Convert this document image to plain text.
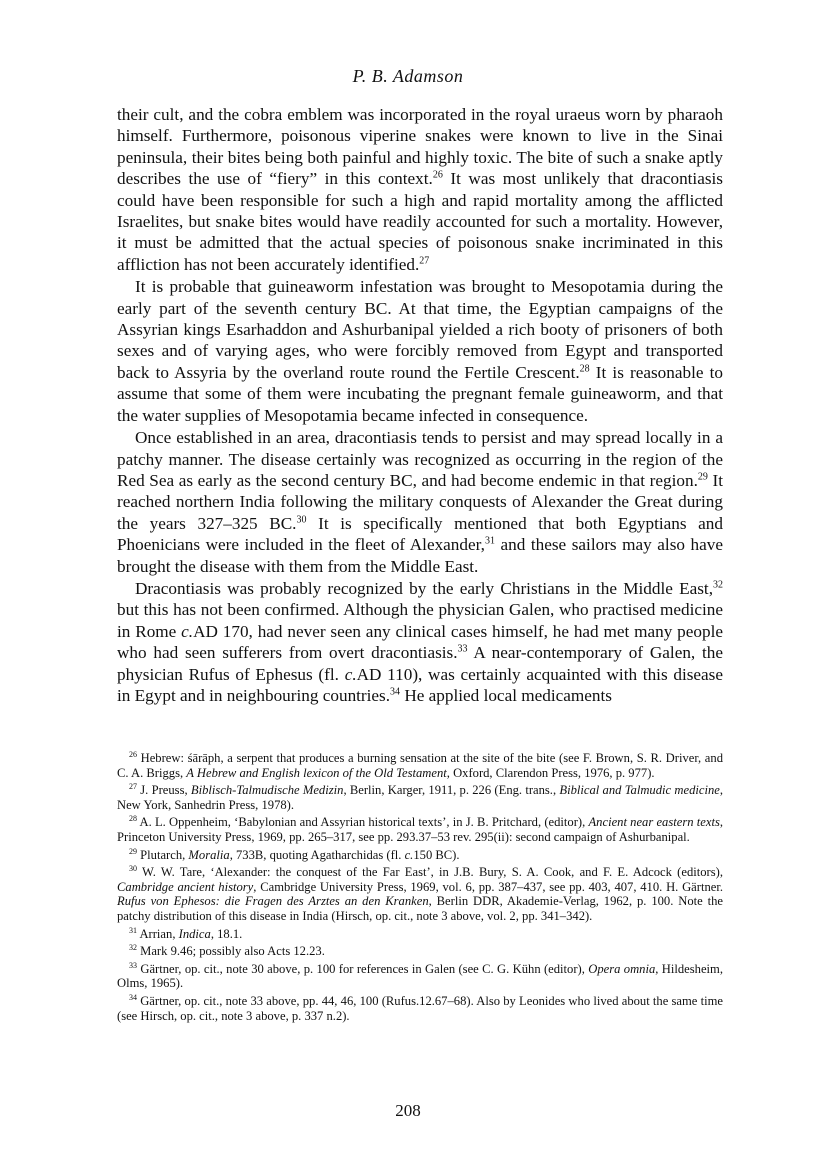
P. B. Adamson

their cult, and the cobra emblem was incorporated in the royal uraeus worn by pharaoh himself. Furthermore, poisonous viperine snakes were known to live in the Sinai peninsula, their bites being both painful and highly toxic. The bite of such a snake aptly describes the use of “fiery” in this context.$^{26}$ It was most unlikely that dracontiasis could have been responsible for such a high and rapid mortality among the afflicted Israelites, but snake bites would have readily accounted for such a mortality. However, it must be admitted that the actual species of poisonous snake incriminated in this affliction has not been accurately identified.$^{27}$

It is probable that guineaworm infestation was brought to Mesopotamia during the early part of the seventh century BC. At that time, the Egyptian campaigns of the Assyrian kings Esarhaddon and Ashurbanipal yielded a rich booty of prisoners of both sexes and of varying ages, who were forcibly removed from Egypt and transported back to Assyria by the overland route round the Fertile Crescent.$^{28}$ It is reasonable to assume that some of them were incubating the pregnant female guineaworm, and that the water supplies of Mesopotamia became infected in consequence.

Once established in an area, dracontiasis tends to persist and may spread locally in a patchy manner. The disease certainly was recognized as occurring in the region of the Red Sea as early as the second century BC, and had become endemic in that region.$^{29}$ It reached northern India following the military conquests of Alexander the Great during the years 327–325 BC.$^{30}$ It is specifically mentioned that both Egyptians and Phoenicians were included in the fleet of Alexander,$^{31}$ and these sailors may also have brought the disease with them from the Middle East.

Dracontiasis was probably recognized by the early Christians in the Middle East,$^{32}$ but this has not been confirmed. Although the physician Galen, who practised medicine in Rome c.AD 170, had never seen any clinical cases himself, he had met many people who had seen sufferers from overt dracontiasis.$^{33}$ A near-contemporary of Galen, the physician Rufus of Ephesus (fl. c.AD 110), was certainly acquainted with this disease in Egypt and in neighbouring countries.$^{34}$ He applied local medicaments

$^{26}$ Hebrew: śārāph, a serpent that produces a burning sensation at the site of the bite (see F. Brown, S. R. Driver, and C. A. Briggs, A Hebrew and English lexicon of the Old Testament, Oxford, Clarendon Press, 1976, p. 977).

$^{27}$ J. Preuss, Biblisch-Talmudische Medizin, Berlin, Karger, 1911, p. 226 (Eng. trans., Biblical and Talmudic medicine, New York, Sanhedrin Press, 1978).

$^{28}$ A. L. Oppenheim, ‘Babylonian and Assyrian historical texts’, in J. B. Pritchard, (editor), Ancient near eastern texts, Princeton University Press, 1969, pp. 265–317, see pp. 293.37–53 rev. 295(ii): second campaign of Ashurbanipal.

$^{29}$ Plutarch, Moralia, 733B, quoting Agatharchidas (fl. c.150 BC).

$^{30}$ W. W. Tare, ‘Alexander: the conquest of the Far East’, in J.B. Bury, S. A. Cook, and F. E. Adcock (editors), Cambridge ancient history, Cambridge University Press, 1969, vol. 6, pp. 387–437, see pp. 403, 407, 410. H. Gärtner. Rufus von Ephesos: die Fragen des Arztes an den Kranken, Berlin DDR, Akademie-Verlag, 1962, p. 100. Note the patchy distribution of this disease in India (Hirsch, op. cit., note 3 above, vol. 2, pp. 341–342).

$^{31}$ Arrian, Indica, 18.1.

$^{32}$ Mark 9.46; possibly also Acts 12.23.

$^{33}$ Gärtner, op. cit., note 30 above, p. 100 for references in Galen (see C. G. Kühn (editor), Opera omnia, Hildesheim, Olms, 1965).

$^{34}$ Gärtner, op. cit., note 33 above, pp. 44, 46, 100 (Rufus.12.67–68). Also by Leonides who lived about the same time (see Hirsch, op. cit., note 3 above, p. 337 n.2).

208
